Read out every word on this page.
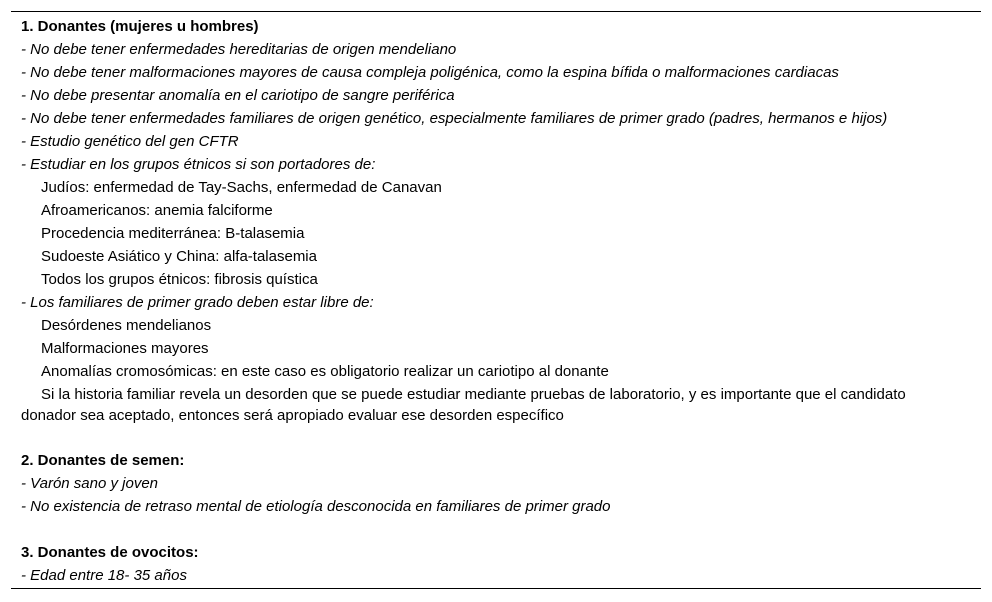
1. Donantes (mujeres u hombres)
- No debe tener enfermedades hereditarias de origen mendeliano
- No debe tener malformaciones mayores de causa compleja poligénica, como la espina bífida o malformaciones cardiacas
- No debe presentar anomalía en el cariotipo de sangre periférica
- No debe tener enfermedades familiares de origen genético, especialmente familiares de primer grado (padres, hermanos e hijos)
- Estudio genético del gen CFTR
- Estudiar en los grupos étnicos si son portadores de:
Judíos: enfermedad de Tay-Sachs, enfermedad de Canavan
Afroamericanos: anemia falciforme
Procedencia mediterránea: B-talasemia
Sudoeste Asiático y China: alfa-talasemia
Todos los grupos étnicos: fibrosis quística
- Los familiares de primer grado deben estar libre de:
Desórdenes mendelianos
Malformaciones mayores
Anomalías cromosómicas: en este caso es obligatorio realizar un cariotipo al donante
Si la historia familiar revela un desorden que se puede estudiar mediante pruebas de laboratorio, y es importante que el candidato donador sea aceptado, entonces será apropiado evaluar ese desorden específico
2. Donantes de semen:
- Varón sano y joven
- No existencia de retraso mental de etiología desconocida en familiares de primer grado
3. Donantes de ovocitos:
- Edad entre 18- 35 años
